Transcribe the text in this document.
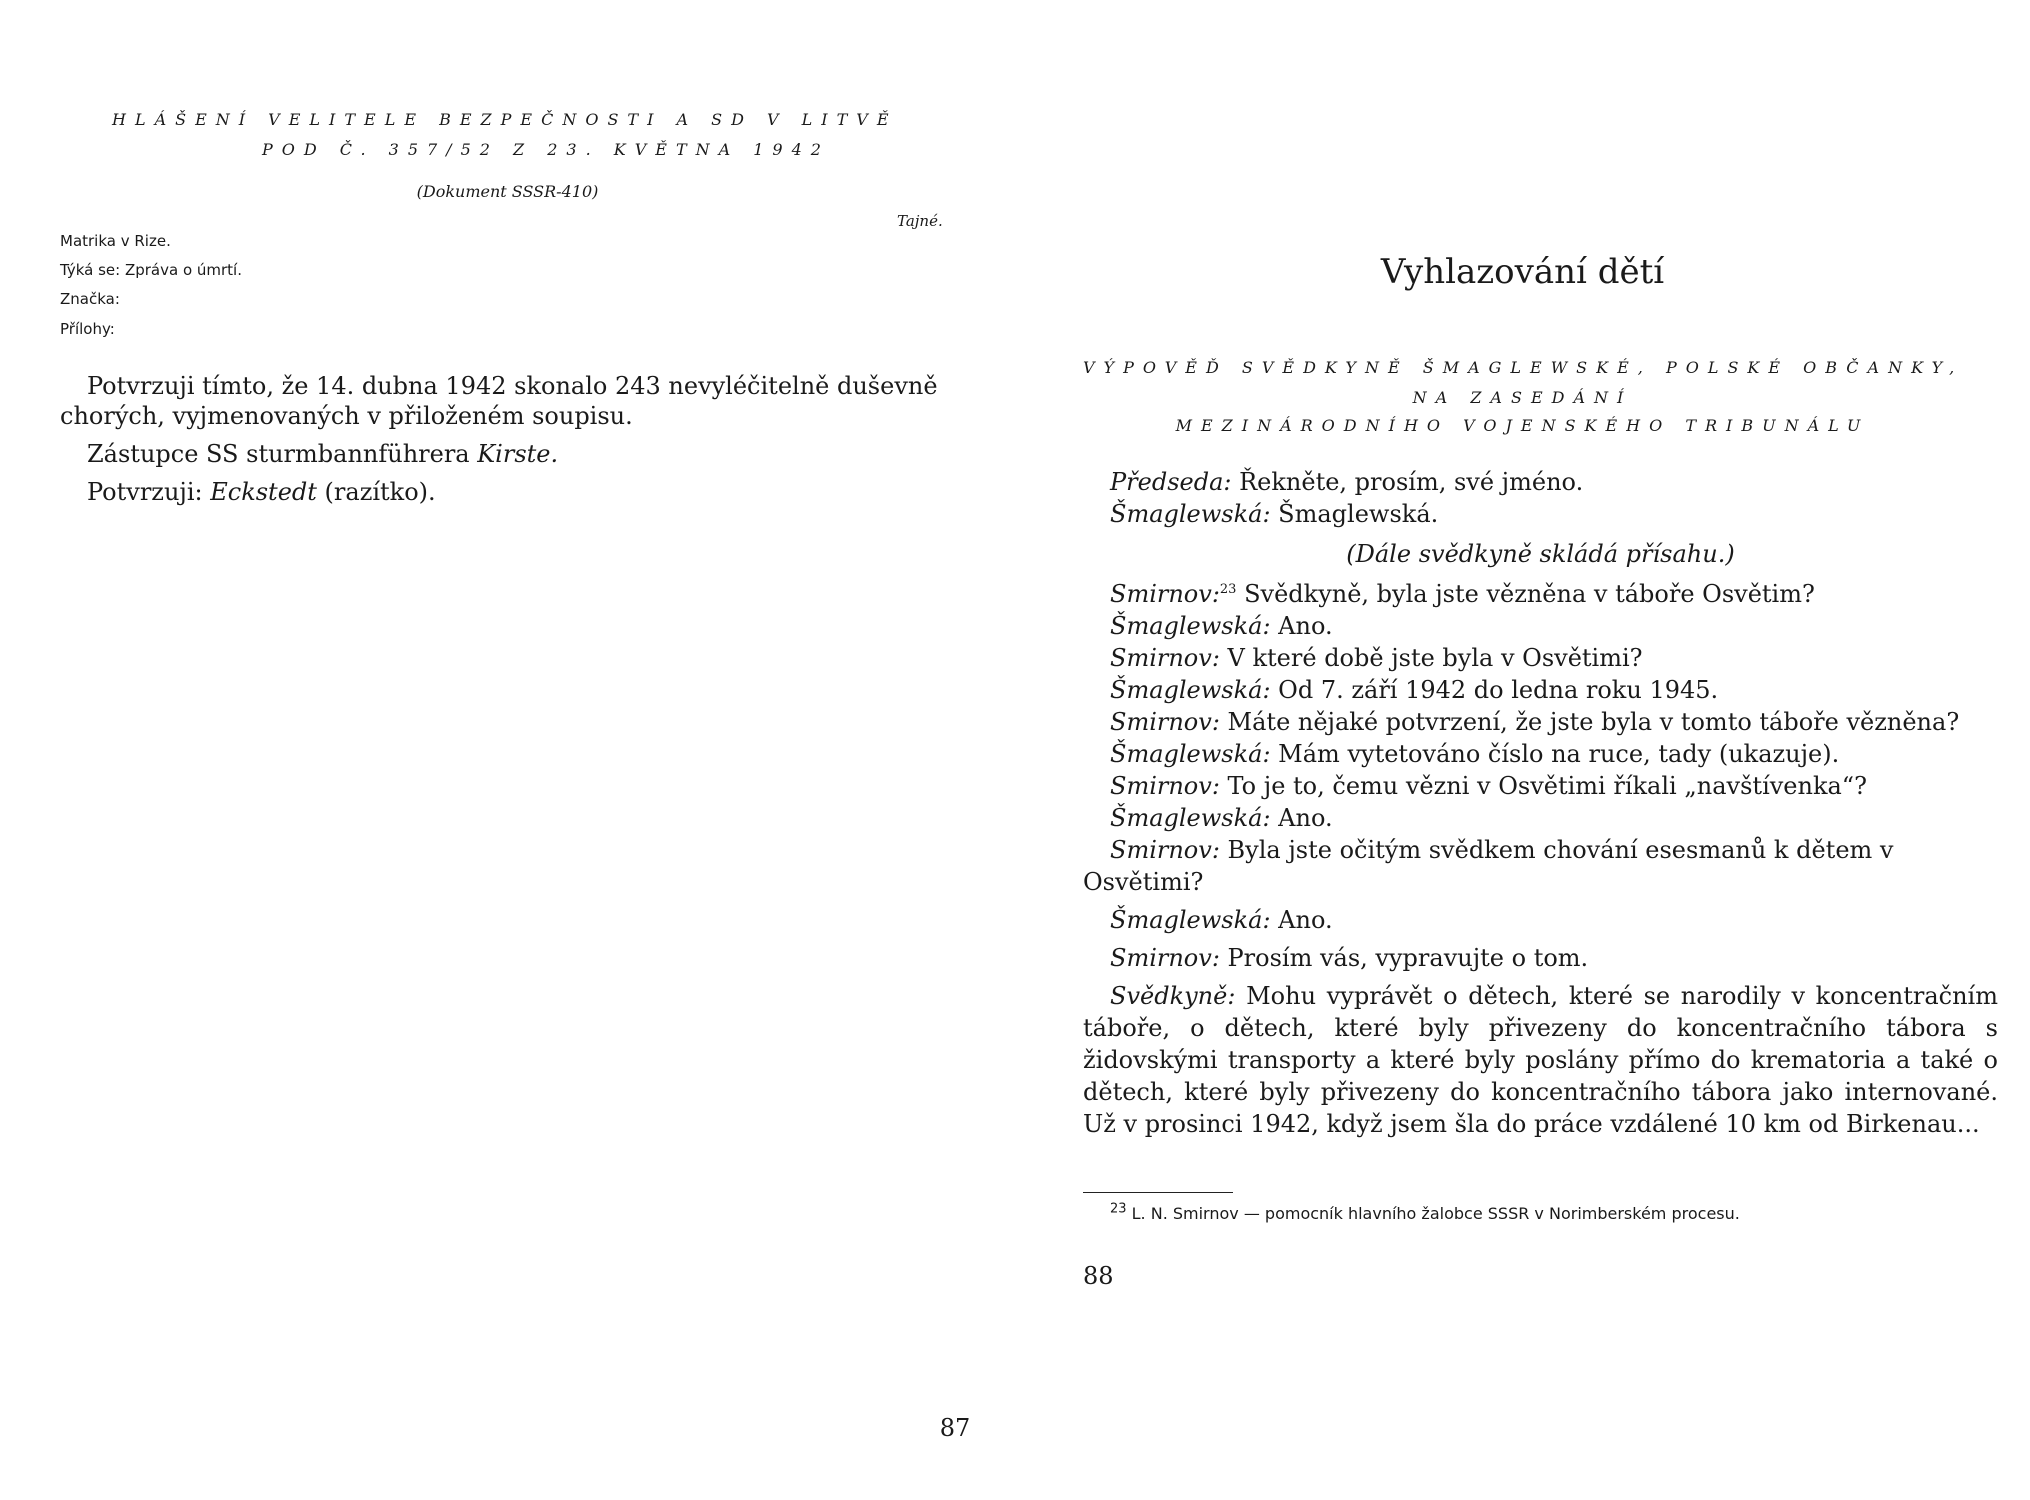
HLÁŠENÍ VELITELE BEZPEČNOSTI A SD V LITVĚ
POD Č. 357/52 Z 23. KVĚTNA 1942
(Dokument SSSR-410)
Tajné.
Matrika v Rize.
Týká se: Zpráva o úmrtí.
Značka:
Přílohy:

Potvrzuji tímto, že 14. dubna 1942 skonalo 243 nevyléčitelně duševně chorých, vyjmenovaných v přiloženém soupisu.

Zástupce SS sturmbannführera Kirste.

Potvrzuji: Eckstedt (razítko).

87
Vyhlazování dětí
VÝPOVĚĎ SVĚDKYNĚ ŠMAGLEWSKÉ, POLSKÉ OBČANKY,
NA ZASEDÁNÍ
MEZINÁRODNÍHO VOJENSKÉHO TRIBUNÁLU

Předseda: Řekněte, prosím, své jméno.

Šmaglewská: Šmaglewská.

(Dále svědkyně skládá přísahu.)

Smirnov:$^{23}$ Svědkyně, byla jste vězněna v táboře Osvětim?

Šmaglewská: Ano.

Smirnov: V které době jste byla v Osvětimi?

Šmaglewská: Od 7. září 1942 do ledna roku 1945.

Smirnov: Máte nějaké potvrzení, že jste byla v tomto táboře vězněna?

Šmaglewská: Mám vytetováno číslo na ruce, tady (ukazuje).

Smirnov: To je to, čemu vězni v Osvětimi říkali „navštívenka“?

Šmaglewská: Ano.

Smirnov: Byla jste očitým svědkem chování esesmanů k dětem v Osvětimi?

Šmaglewská: Ano.

Smirnov: Prosím vás, vypravujte o tom.

Svědkyně: Mohu vyprávět o dětech, které se narodily v koncentračním táboře, o dětech, které byly přivezeny do koncentračního tábora s židovskými transporty a které byly poslány přímo do krematoria a také o dětech, které byly přivezeny do koncentračního tábora jako internované. Už v prosinci 1942, když jsem šla do práce vzdálené 10 km od Birkenau...

$^{23}$ L. N. Smirnov — pomocník hlavního žalobce SSSR v Norimberském procesu.
88
